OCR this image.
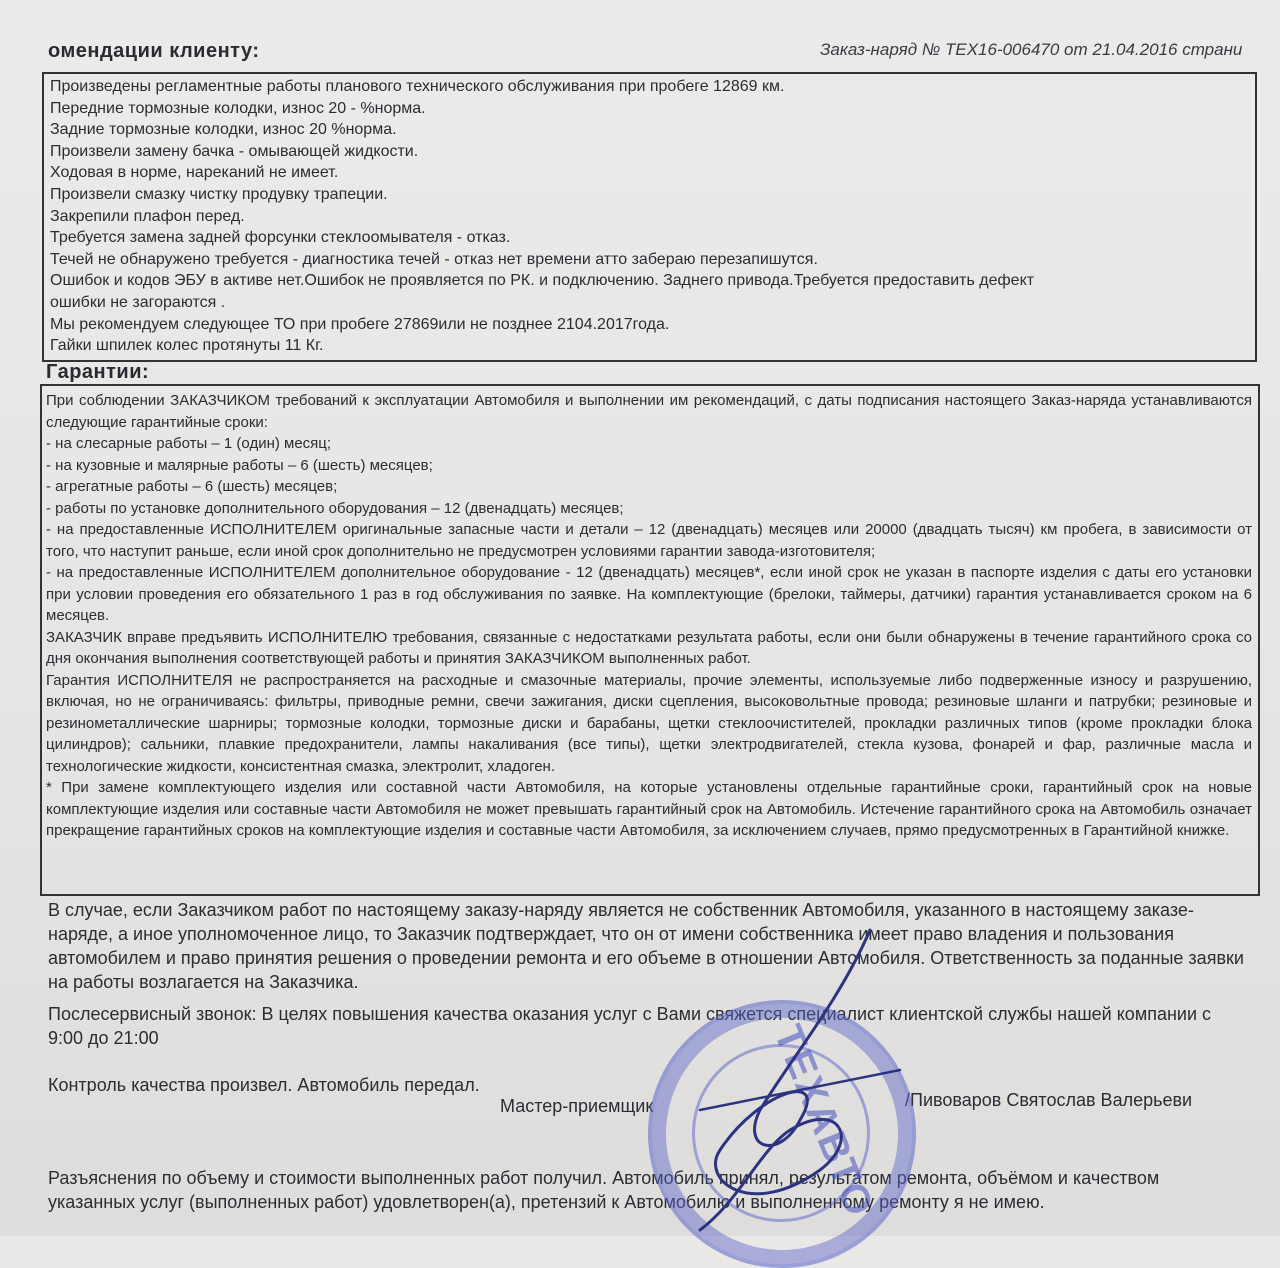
омендации клиенту:	Заказ-наряд № ТЕХ16-006470 от 21.04.2016 страни
Произведены регламентные работы планового технического обслуживания при пробеге 12869 км.
Передние тормозные колодки, износ 20 - %норма.
Задние тормозные колодки, износ 20 %норма.
Произвели замену бачка - омывающей жидкости.
Ходовая в норме, нареканий не имеет.
Произвели смазку чистку продувку трапеции.
Закрепили плафон перед.
Требуется замена задней форсунки стеклоомывателя - отказ.
Течей не обнаружено требуется - диагностика течей - отказ нет времени атто забераю перезапишутся.
Ошибок и кодов ЭБУ в активе нет.Ошибок не проявляется по РК. и подключению. Заднего привода.Требуется предоставить дефект
ошибки не загораются .
Мы рекомендуем следующее ТО при пробеге 27869или не позднее 2104.2017года.
Гайки шпилек колес протянуты 11 Кг.
Гарантии:

При соблюдении ЗАКАЗЧИКОМ требований к эксплуатации Автомобиля и выполнении им рекомендаций, с даты подписания настоящего Заказ-наряда устанавливаются следующие гарантийные сроки:

- на слесарные работы – 1 (один) месяц;

- на кузовные и малярные работы – 6 (шесть) месяцев;

- агрегатные работы – 6 (шесть) месяцев;

- работы по установке дополнительного оборудования – 12 (двенадцать) месяцев;

- на предоставленные ИСПОЛНИТЕЛЕМ оригинальные запасные части и детали – 12 (двенадцать) месяцев или 20000 (двадцать тысяч) км пробега, в зависимости от того, что наступит раньше, если иной срок дополнительно не предусмотрен условиями гарантии завода-изготовителя;

- на предоставленные ИСПОЛНИТЕЛЕМ дополнительное оборудование - 12 (двенадцать) месяцев*, если иной срок не указан в паспорте изделия с даты его установки при условии проведения его обязательного 1 раз в год обслуживания по заявке. На комплектующие (брелоки, таймеры, датчики) гарантия устанавливается сроком на 6 месяцев.

ЗАКАЗЧИК вправе предъявить ИСПОЛНИТЕЛЮ требования, связанные с недостатками результата работы, если они были обнаружены в течение гарантийного срока со дня окончания выполнения соответствующей работы и принятия ЗАКАЗЧИКОМ выполненных работ.

Гарантия ИСПОЛНИТЕЛЯ не распространяется на расходные и смазочные материалы, прочие элементы, используемые либо подверженные износу и разрушению, включая, но не ограничиваясь: фильтры, приводные ремни, свечи зажигания, диски сцепления, высоковольтные провода; резиновые шланги и патрубки; резиновые и резинометаллические шарниры; тормозные колодки, тормозные диски и барабаны, щетки стеклоочистителей, прокладки различных типов (кроме прокладки блока цилиндров); сальники, плавкие предохранители, лампы накаливания (все типы), щетки электродвигателей, стекла кузова, фонарей и фар, различные масла и технологические жидкости, консистентная смазка, электролит, хладоген.

* При замене комплектующего изделия или составной части Автомобиля, на которые установлены отдельные гарантийные сроки, гарантийный срок на новые комплектующие изделия или составные части Автомобиля не может превышать гарантийный срок на Автомобиль. Истечение гарантийного срока на Автомобиль означает прекращение гарантийных сроков на комплектующие изделия и составные части Автомобиля, за исключением случаев, прямо предусмотренных в Гарантийной книжке.

В случае, если Заказчиком работ по настоящему заказу-наряду является не собственник Автомобиля, указанного в настоящему заказе-наряде, а иное уполномоченное лицо, то Заказчик подтверждает, что он от имени собственника имеет право владения и пользования автомобилем и право принятия решения о проведении ремонта и его объеме в отношении Автомобиля. Ответственность за поданные заявки на работы возлагается на Заказчика.

Послесервисный звонок: В целях повышения качества оказания услуг с Вами свяжется специалист клиентской службы нашей компании с 9:00 до 21:00

Контроль качества произвел. Автомобиль передал.
Мастер-приемщик	/Пивоваров Святослав Валерьеви

Разъяснения по объему и стоимости выполненных работ получил. Автомобиль принял, результатом ремонта, объёмом и качеством указанных услуг (выполненных работ) удовлетворен(а), претензий к Автомобилю и выполненному ремонту я не имею.

ТЕХАВТО
